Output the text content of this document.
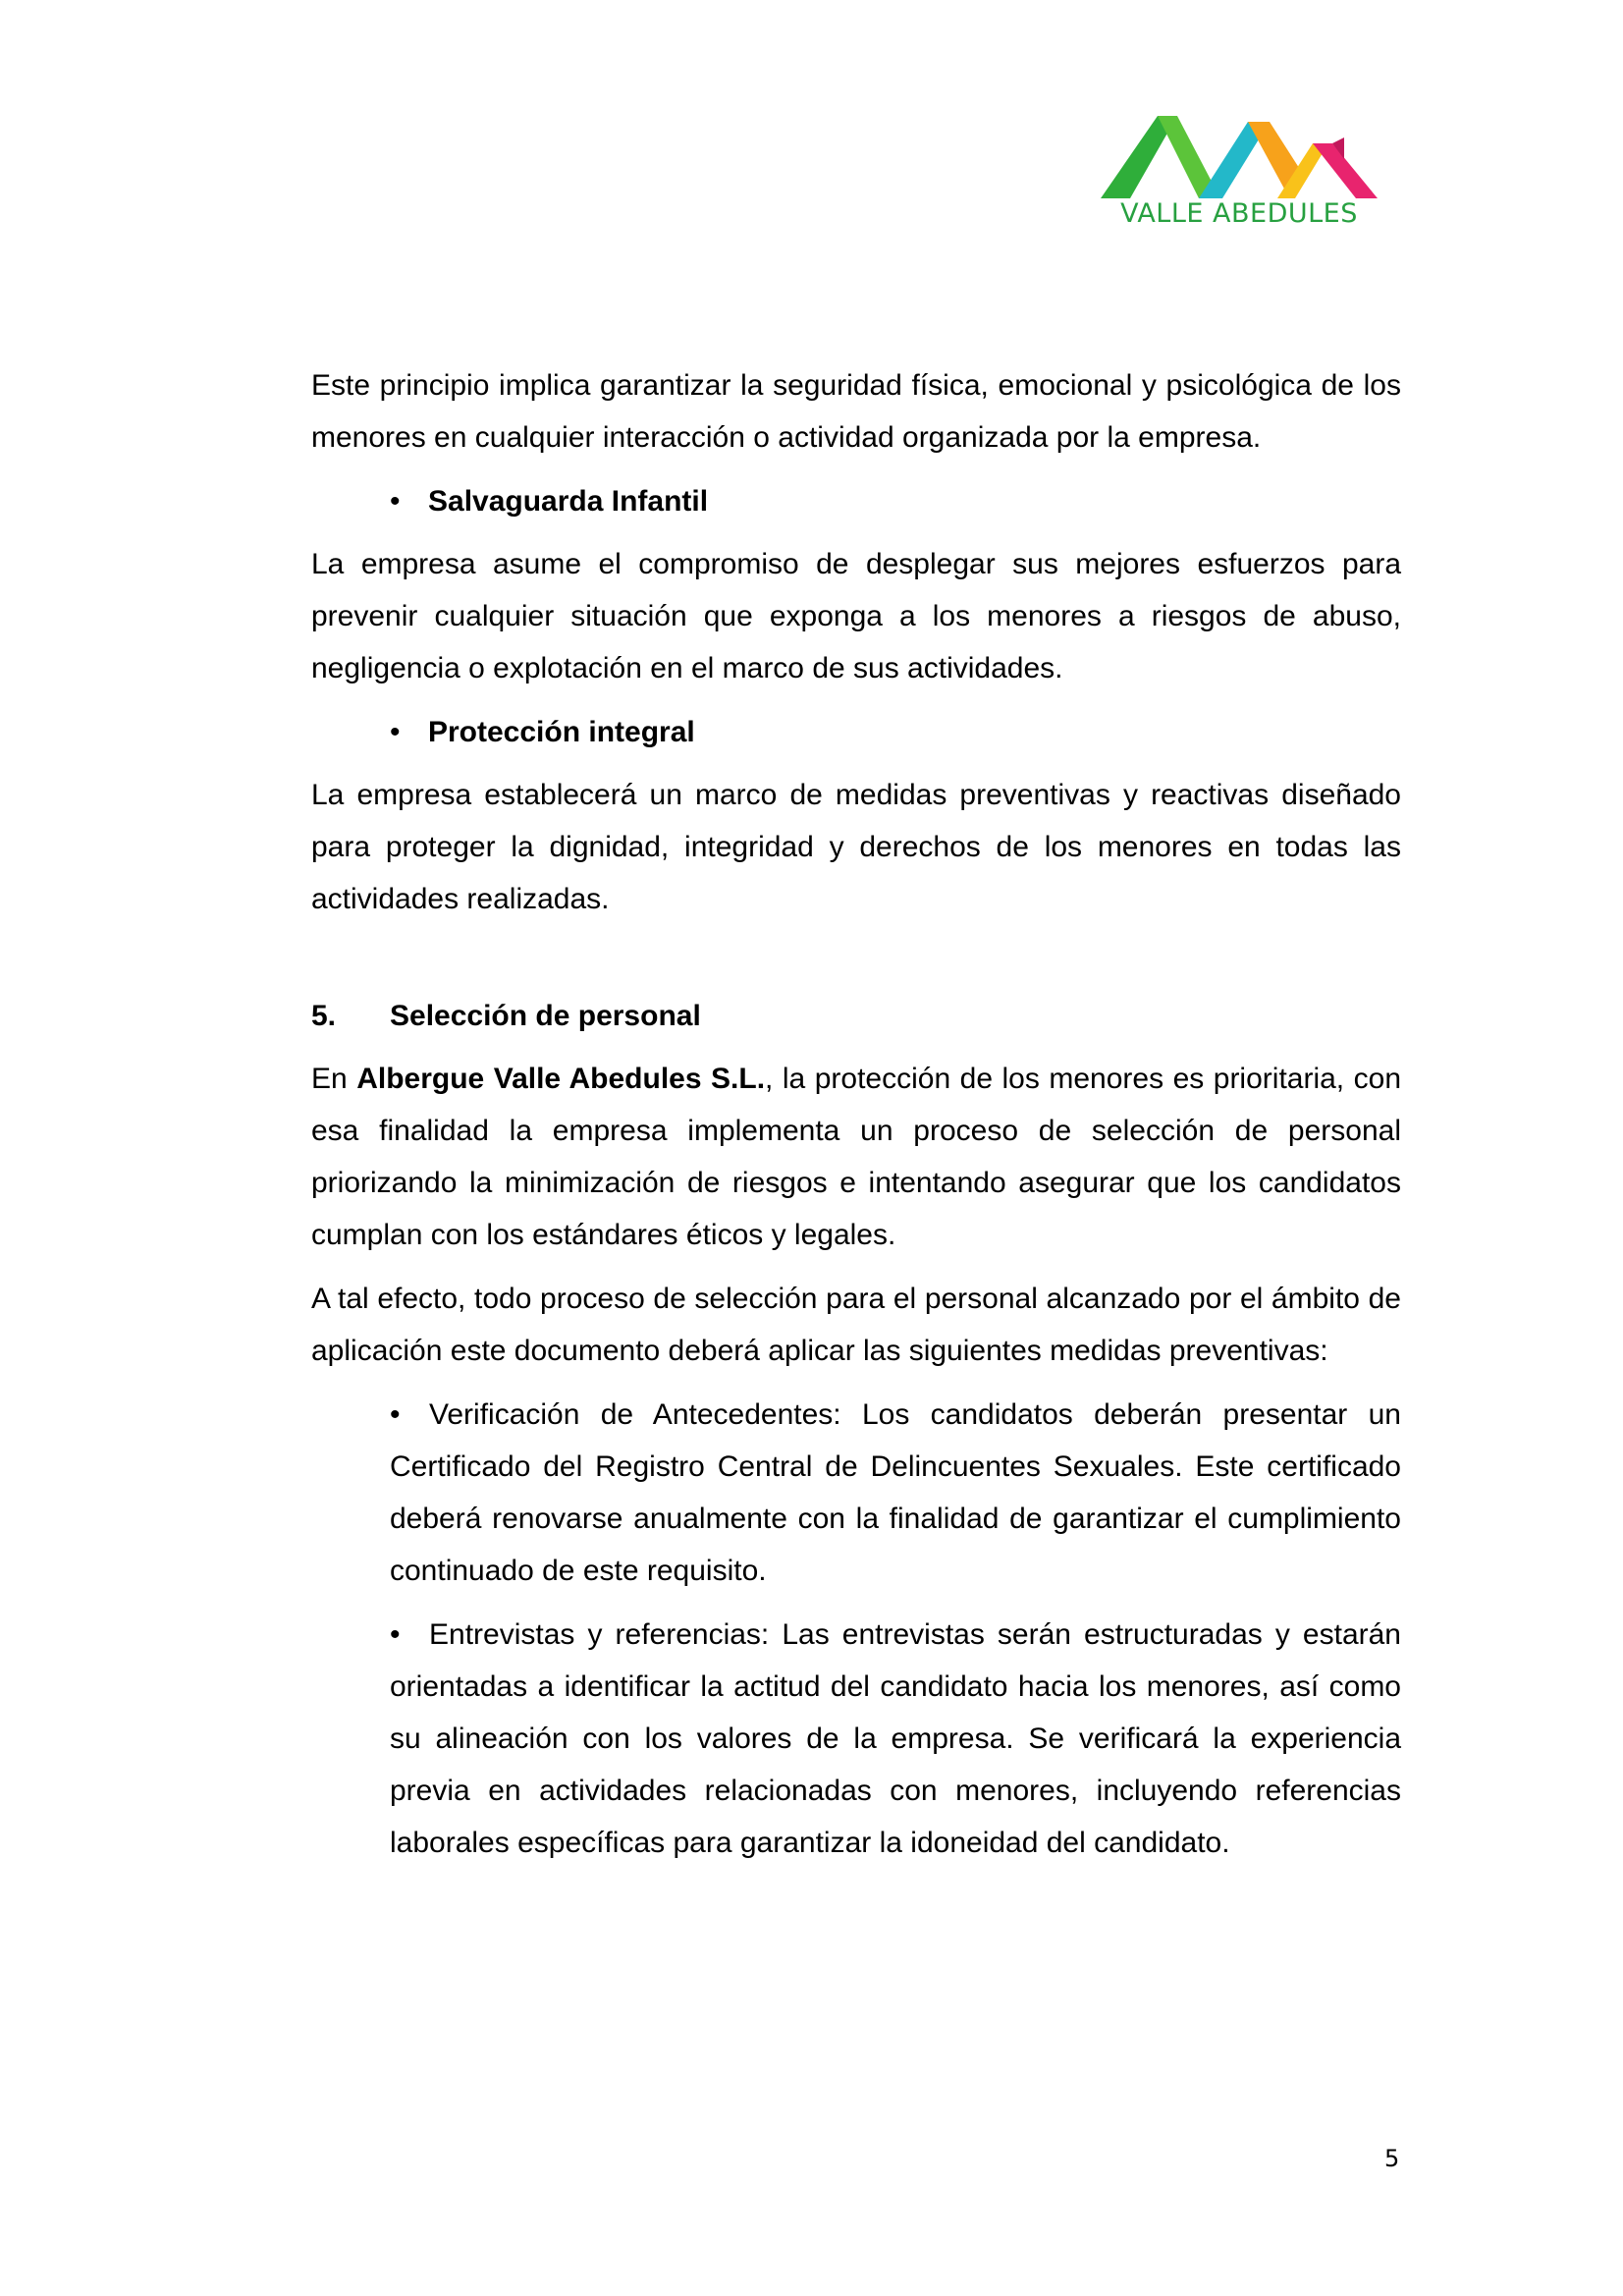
VALLE ABEDULES

Este principio implica garantizar la seguridad física, emocional y psicológica de los menores en cualquier interacción o actividad organizada por la empresa.

• Salvaguarda Infantil

La empresa asume el compromiso de desplegar sus mejores esfuerzos para prevenir cualquier situación que exponga a los menores a riesgos de abuso, negligencia o explotación en el marco de sus actividades.

• Protección integral

La empresa establecerá un marco de medidas preventivas y reactivas diseñado para proteger la dignidad, integridad y derechos de los menores en todas las actividades realizadas.

5. Selección de personal

En Albergue Valle Abedules S.L., la protección de los menores es prioritaria, con esa finalidad la empresa implementa un proceso de selección de personal priorizando la minimización de riesgos e intentando asegurar que los candidatos cumplan con los estándares éticos y legales.

A tal efecto, todo proceso de selección para el personal alcanzado por el ámbito de aplicación este documento deberá aplicar las siguientes medidas preventivas:

• Verificación de Antecedentes: Los candidatos deberán presentar un Certificado del Registro Central de Delincuentes Sexuales. Este certificado deberá renovarse anualmente con la finalidad de garantizar el cumplimiento continuado de este requisito.
• Entrevistas y referencias: Las entrevistas serán estructuradas y estarán orientadas a identificar la actitud del candidato hacia los menores, así como su alineación con los valores de la empresa. Se verificará la experiencia previa en actividades relacionadas con menores, incluyendo referencias laborales específicas para garantizar la idoneidad del candidato.
5
